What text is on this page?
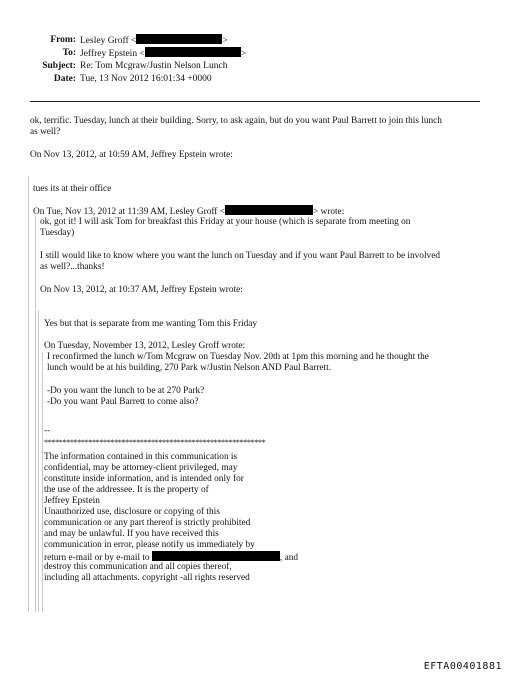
From: Lesley Groff <	>
To: Jeffrey Epstein <	>
Subject: Re: Tom Mcgraw/Justin Nelson Lunch
Date: Tue, 13 Nov 2012 16:01:34 +0000
ok, terrific. Tuesday, lunch at their building. Sorry, to ask again, but do you want Paul Barrett to join this lunch
as well?
On Nov 13, 2012, at 10:59 AM, Jeffrey Epstein wrote:
tues its at their office
On Tue, Nov 13, 2012 at 11:39 AM, Lesley Groff <	> wrote:
ok, got it! I will ask Tom for breakfast this Friday at your house (which is separate from meeting on
Tuesday)
I still would like to know where you want the lunch on Tuesday and if you want Paul Barrett to be involved
as well?...thanks!
On Nov 13, 2012, at 10:37 AM, Jeffrey Epstein wrote:
Yes but that is separate from me wanting Tom this Friday
On Tuesday, November 13, 2012, Lesley Groff wrote:
I reconfirmed the lunch w/Tom Mcgraw on Tuesday Nov. 20th at 1pm this morning and he thought the
lunch would be at his building, 270 Park w/Justin Nelson AND Paul Barrett.
-Do you want the lunch to be at 270 Park?
-Do you want Paul Barrett to come also?
--
************************************************************
The information contained in this communication is
confidential, may be attorney-client privileged, may
constitute inside information, and is intended only for
the use of the addressee. It is the property of
Jeffrey Epstein
Unauthorized use, disclosure or copying of this
communication or any part thereof is strictly prohibited
and may be unlawful. If you have received this
communication in error, please notify us immediately by
return e-mail or by e-mail to	, and
destroy this communication and all copies thereof,
including all attachments. copyright -all rights reserved
EFTA00401881
